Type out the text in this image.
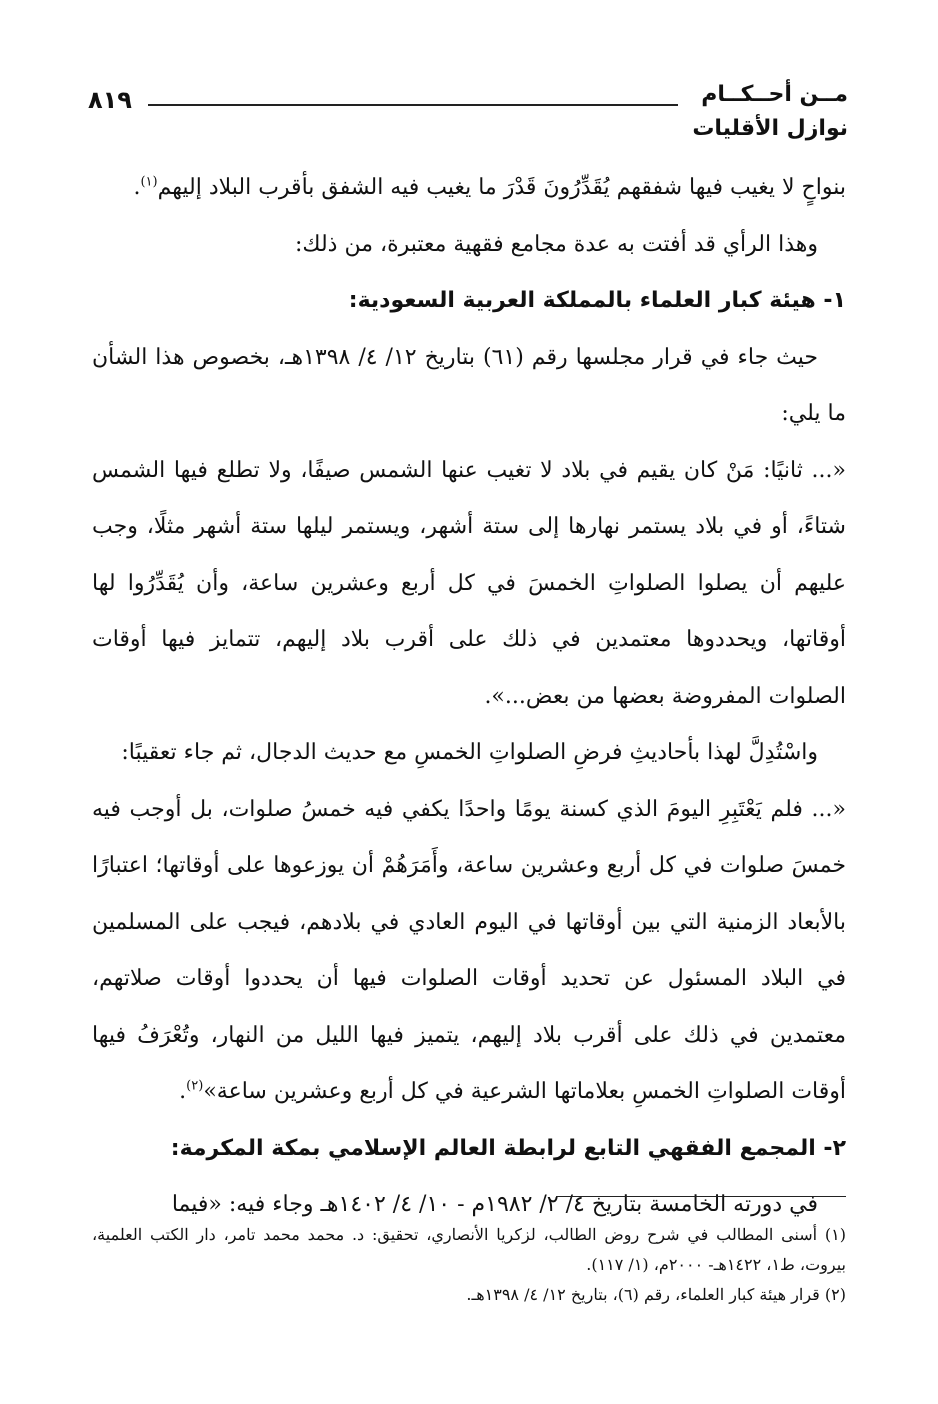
٨١٩	مــن أحــكــام
نوازل الأقليات

بنواحٍ لا يغيب فيها شفقهم يُقَدِّرُونَ قَدْرَ ما يغيب فيه الشفق بأقرب البلاد إليهم$^{(١)}$.

وهذا الرأي قد أفتت به عدة مجامع فقهية معتبرة، من ذلك:

١- هيئة كبار العلماء بالمملكة العربية السعودية:

حيث جاء في قرار مجلسها رقم (٦١) بتاريخ ١٢/ ٤/ ١٣٩٨هـ، بخصوص هذا الشأن ما يلي:

«... ثانيًا: مَنْ كان يقيم في بلاد لا تغيب عنها الشمس صيفًا، ولا تطلع فيها الشمس شتاءً، أو في بلاد يستمر نهارها إلى ستة أشهر، ويستمر ليلها ستة أشهر مثلًا، وجب عليهم أن يصلوا الصلواتِ الخمسَ في كل أربع وعشرين ساعة، وأن يُقَدِّرُوا لها أوقاتها، ويحددوها معتمدين في ذلك على أقرب بلاد إليهم، تتمايز فيها أوقات الصلوات المفروضة بعضها من بعض...».

واسْتُدِلَّ لهذا بأحاديثِ فرضِ الصلواتِ الخمسِ مع حديث الدجال، ثم جاء تعقيبًا:

«... فلم يَعْتَبِرِ اليومَ الذي كسنة يومًا واحدًا يكفي فيه خمسُ صلوات، بل أوجب فيه خمسَ صلوات في كل أربع وعشرين ساعة، وأَمَرَهُمْ أن يوزعوها على أوقاتها؛ اعتبارًا بالأبعاد الزمنية التي بين أوقاتها في اليوم العادي في بلادهم، فيجب على المسلمين في البلاد المسئول عن تحديد أوقات الصلوات فيها أن يحددوا أوقات صلاتهم، معتمدين في ذلك على أقرب بلاد إليهم، يتميز فيها الليل من النهار، وتُعْرَفُ فيها أوقات الصلواتِ الخمسِ بعلاماتها الشرعية في كل أربع وعشرين ساعة»$^{(٢)}$.

٢- المجمع الفقهي التابع لرابطة العالم الإسلامي بمكة المكرمة:

في دورته الخامسة بتاريخ ٤/ ٢/ ١٩٨٢م - ١٠/ ٤/ ١٤٠٢هـ وجاء فيه: «فيما

(١) أسنى المطالب في شرح روض الطالب، لزكريا الأنصاري، تحقيق: د. محمد محمد تامر، دار الكتب العلمية، بيروت، ط١، ١٤٢٢هـ- ٢٠٠٠م، (١/ ١١٧).

(٢) قرار هيئة كبار العلماء، رقم (٦)، بتاريخ ١٢/ ٤/ ١٣٩٨هـ.
